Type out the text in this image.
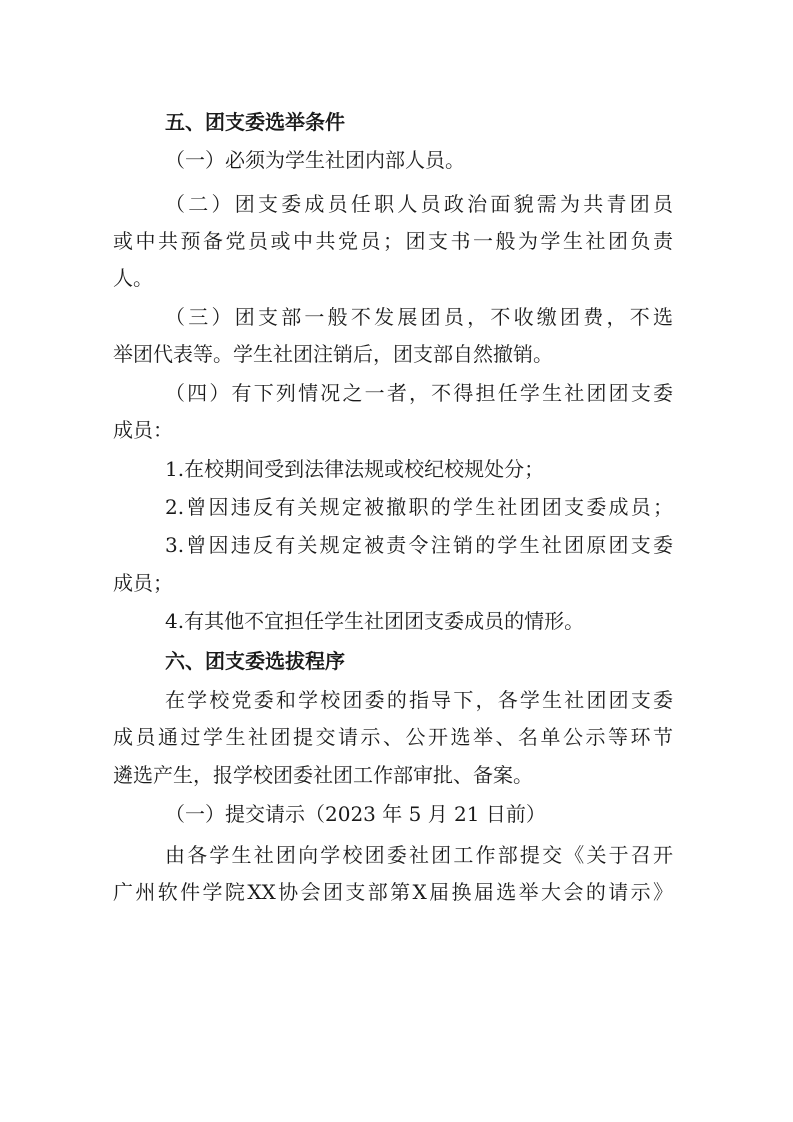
五、团支委选举条件
（一）必须为学生社团内部人员。
（二）团支委成员任职人员政治面貌需为共青团员
或中共预备党员或中共党员；团支书一般为学生社团负责
人。
（三）团支部一般不发展团员，不收缴团费，不选
举团代表等。学生社团注销后，团支部自然撤销。
（四）有下列情况之一者，不得担任学生社团团支委
成员：
1.在校期间受到法律法规或校纪校规处分；
2.曾因违反有关规定被撤职的学生社团团支委成员；
3.曾因违反有关规定被责令注销的学生社团原团支委
成员；
4.有其他不宜担任学生社团团支委成员的情形。
六、团支委选拔程序
在学校党委和学校团委的指导下，各学生社团团支委
成员通过学生社团提交请示、公开选举、名单公示等环节
遴选产生，报学校团委社团工作部审批、备案。
（一）提交请示（2023 年 5 月 21 日前）
由各学生社团向学校团委社团工作部提交《关于召开
广州软件学院XX协会团支部第X届换届选举大会的请示》
